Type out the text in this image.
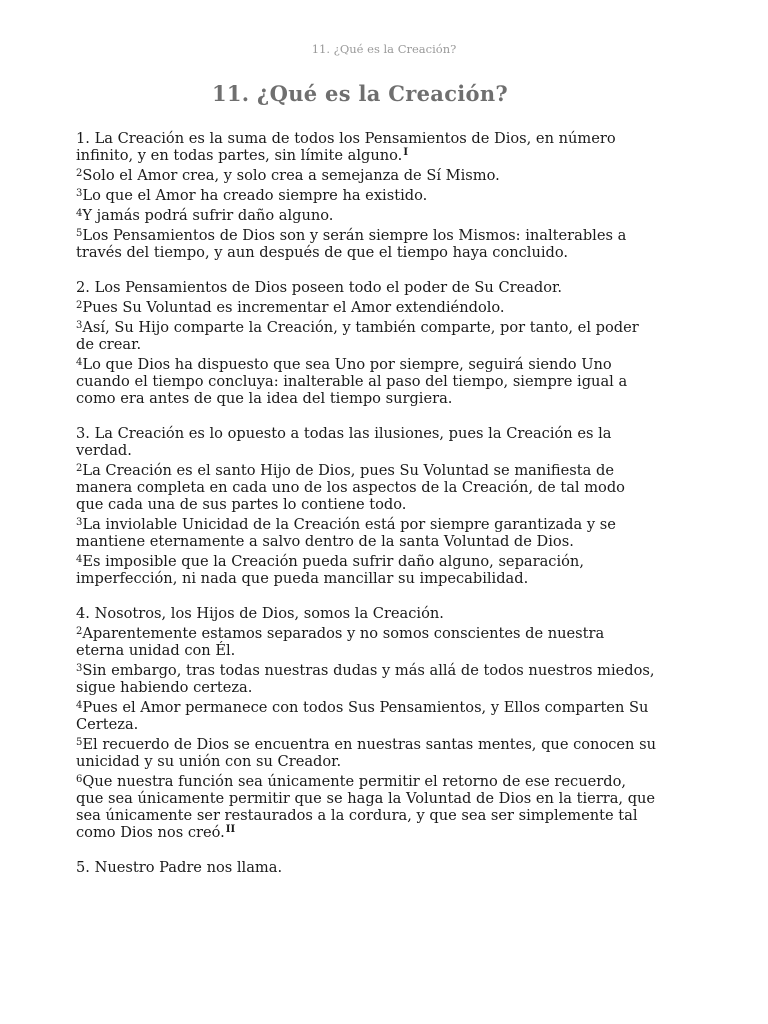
11. ¿Qué es la Creación?
11. ¿Qué es la Creación?

1. La Creación es la suma de todos los Pensamientos de Dios, en número infinito, y en todas partes, sin límite alguno.$^I$

$^2$Solo el Amor crea, y solo crea a semejanza de Sí Mismo.

$^3$Lo que el Amor ha creado siempre ha existido.

$^4$Y jamás podrá sufrir daño alguno.

$^5$Los Pensamientos de Dios son y serán siempre los Mismos: inalterables a través del tiempo, y aun después de que el tiempo haya concluido.

2. Los Pensamientos de Dios poseen todo el poder de Su Creador.

$^2$Pues Su Voluntad es incrementar el Amor extendiéndolo.

$^3$Así, Su Hijo comparte la Creación, y también comparte, por tanto, el poder de crear.

$^4$Lo que Dios ha dispuesto que sea Uno por siempre, seguirá siendo Uno cuando el tiempo concluya: inalterable al paso del tiempo, siempre igual a como era antes de que la idea del tiempo surgiera.

3. La Creación es lo opuesto a todas las ilusiones, pues la Creación es la verdad.

$^2$La Creación es el santo Hijo de Dios, pues Su Voluntad se manifiesta de manera completa en cada uno de los aspectos de la Creación, de tal modo que cada una de sus partes lo contiene todo.

$^3$La inviolable Unicidad de la Creación está por siempre garantizada y se mantiene eternamente a salvo dentro de la santa Voluntad de Dios.

$^4$Es imposible que la Creación pueda sufrir daño alguno, separación, imperfección, ni nada que pueda mancillar su impecabilidad.

4. Nosotros, los Hijos de Dios, somos la Creación.

$^2$Aparentemente estamos separados y no somos conscientes de nuestra eterna unidad con Él.

$^3$Sin embargo, tras todas nuestras dudas y más allá de todos nuestros miedos, sigue habiendo certeza.

$^4$Pues el Amor permanece con todos Sus Pensamientos, y Ellos comparten Su Certeza.

$^5$El recuerdo de Dios se encuentra en nuestras santas mentes, que conocen su unicidad y su unión con su Creador.

$^6$Que nuestra función sea únicamente permitir el retorno de ese recuerdo, que sea únicamente permitir que se haga la Voluntad de Dios en la tierra, que sea únicamente ser restaurados a la cordura, y que sea ser simplemente tal como Dios nos creó.$^{II}$

5. Nuestro Padre nos llama.
